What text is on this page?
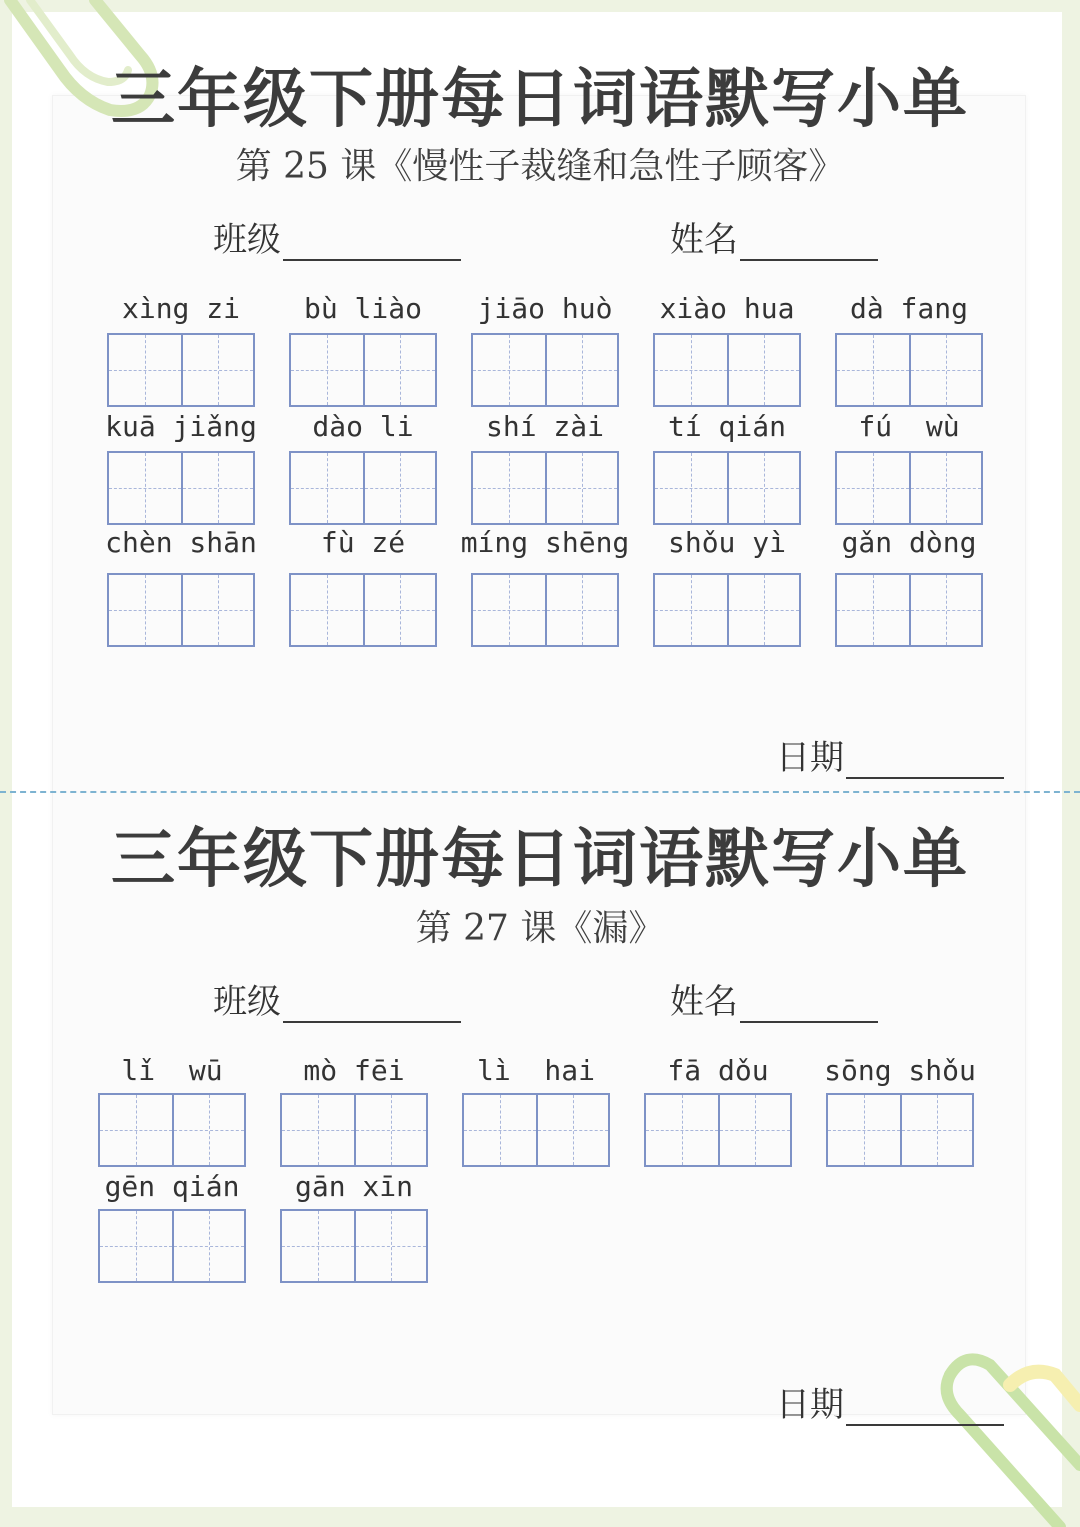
三年级下册每日词语默写小单
第 25 课《慢性子裁缝和急性子顾客》
班级	姓名
xìng zi	bù liào	jiāo huò	xiào hua	dà fang
kuā jiǎng	dào li	shí zài	tí qián	fú  wù
chèn shān	fù zé	míng shēng	shǒu yì	gǎn dòng
日期
三年级下册每日词语默写小单
第 27 课《漏》
班级	姓名
lǐ  wū	mò fēi	lì  hai	fā dǒu	sōng shǒu
gēn qián	gān xīn
日期
